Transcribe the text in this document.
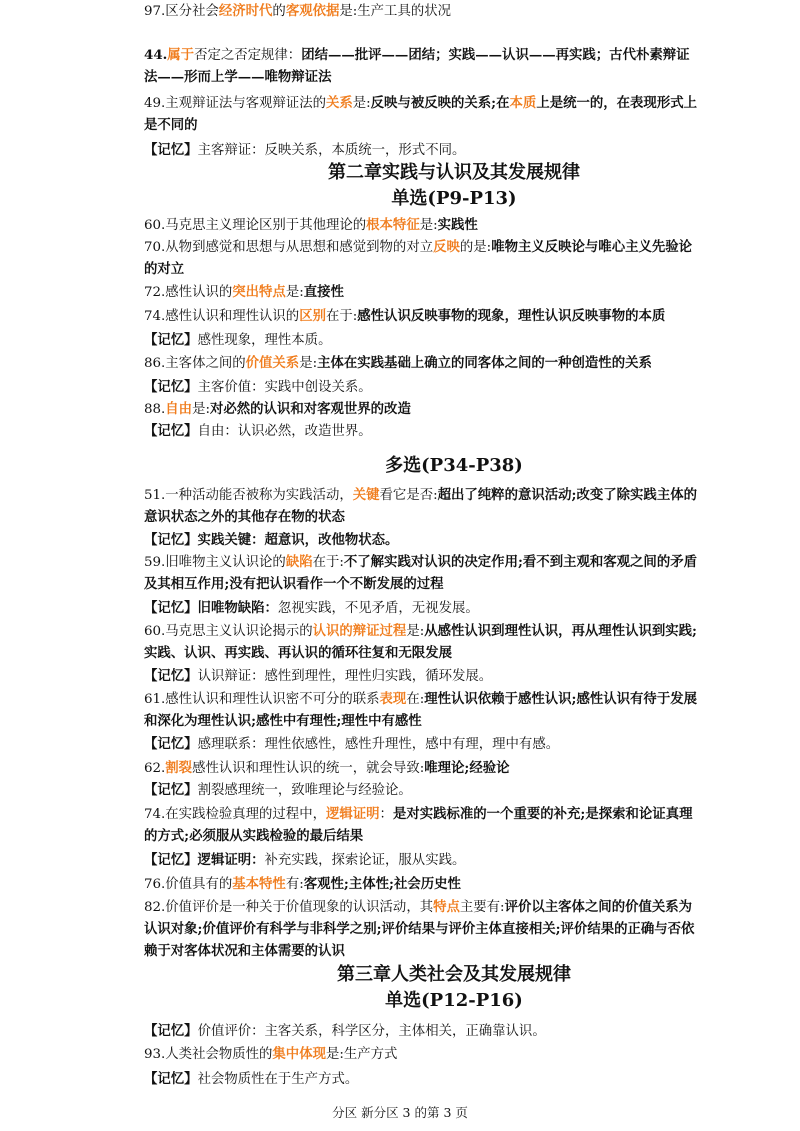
第二章实践与认识及其发展规律
单选(P9-P13)
多选(P34-P38)
第三章人类社会及其发展规律
单选(P12-P16)
分区 新分区 3 的第 3 页
44.属于否定之否定规律：团结——批评——团结；实践——认识——再实践；古代朴素辩证
法——形而上学——唯物辩证法
49.主观辩证法与客观辩证法的关系是:反映与被反映的关系;在本质上是统一的，在表现形式上
是不同的
【记忆】主客辩证：反映关系，本质统一，形式不同。
60.马克思主义理论区别于其他理论的根本特征是:实践性
70.从物到感觉和思想与从思想和感觉到物的对立反映的是:唯物主义反映论与唯心主义先验论
的对立
72.感性认识的突出特点是:直接性
74.感性认识和理性认识的区别在于:感性认识反映事物的现象，理性认识反映事物的本质
【记忆】感性现象，理性本质。
86.主客体之间的价值关系是:主体在实践基础上确立的同客体之间的一种创造性的关系
【记忆】主客价值：实践中创设关系。
88.自由是:对必然的认识和对客观世界的改造
【记忆】自由：认识必然，改造世界。
51.一种活动能否被称为实践活动，关键看它是否:超出了纯粹的意识活动;改变了除实践主体的
意识状态之外的其他存在物的状态
【记忆】实践关键：超意识，改他物状态。
59.旧唯物主义认识论的缺陷在于:不了解实践对认识的决定作用;看不到主观和客观之间的矛盾
及其相互作用;没有把认识看作一个不断发展的过程
【记忆】旧唯物缺陷：忽视实践，不见矛盾，无视发展。
60.马克思主义认识论揭示的认识的辩证过程是:从感性认识到理性认识，再从理性认识到实践;
实践、认识、再实践、再认识的循环往复和无限发展
【记忆】认识辩证：感性到理性，理性归实践，循环发展。
61.感性认识和理性认识密不可分的联系表现在:理性认识依赖于感性认识;感性认识有待于发展
和深化为理性认识;感性中有理性;理性中有感性
【记忆】感理联系：理性依感性，感性升理性，感中有理，理中有感。
62.割裂感性认识和理性认识的统一，就会导致:唯理论;经验论
【记忆】割裂感理统一，致唯理论与经验论。
74.在实践检验真理的过程中，逻辑证明：是对实践标准的一个重要的补充;是探索和论证真理
的方式;必须服从实践检验的最后结果
【记忆】逻辑证明：补充实践，探索论证，服从实践。
76.价值具有的基本特性有:客观性;主体性;社会历史性
82.价值评价是一种关于价值现象的认识活动，其特点主要有:评价以主客体之间的价值关系为
认识对象;价值评价有科学与非科学之别;评价结果与评价主体直接相关;评价结果的正确与否依
赖于对客体状况和主体需要的认识
【记忆】价值评价：主客关系，科学区分，主体相关，正确靠认识。
93.人类社会物质性的集中体现是:生产方式
【记忆】社会物质性在于生产方式。
97.区分社会经济时代的客观依据是:生产工具的状况
